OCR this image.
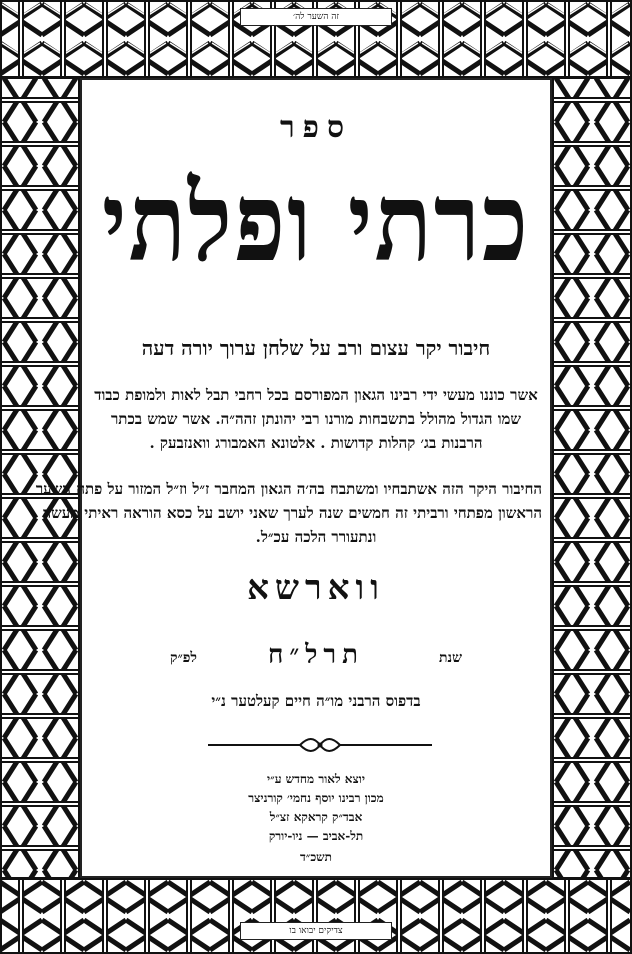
זה השער לה׳
צדיקים יבואו בו
ספר
כרתי ופלתי
חיבור יקר עצום ורב על שלחן ערוך יורה דעה
אשר כוננו מעשי ידי רבינו הגאון המפורסם בכל רחבי תבל לאות ולמופת כבוד
שמו הגדול מהולל בתשבחות מורנו רבי יהונתן זהה״ה. אשר שמש בכתר
הרבנות בג׳ קהלות קדושות . אלטונא האמבורג וואנזבעק .
החיבור היקר הזה אשתבחיו ומשתבח בה׳ה הגאון המחבר ז״ל וז״ל המזור על פתח השער
הראשון מפתחי ורביתי זה חמשים שנה לערך שאני יושב על כסא הוראה ראיתי מעשה
ונתעורר הלכה עכ״ל.
ווארשא
שנת
תרל״ח
לפ״ק
בדפוס הרבני מו״ה חיים קעלטער נ״י
יוצא לאור מחדש ע״י
מכון רבינו יוסף נחמי׳ קורניצר
אבד״ק קראקא זצ״ל
תל-אביב — ניו-יורק
תשכ״ד
